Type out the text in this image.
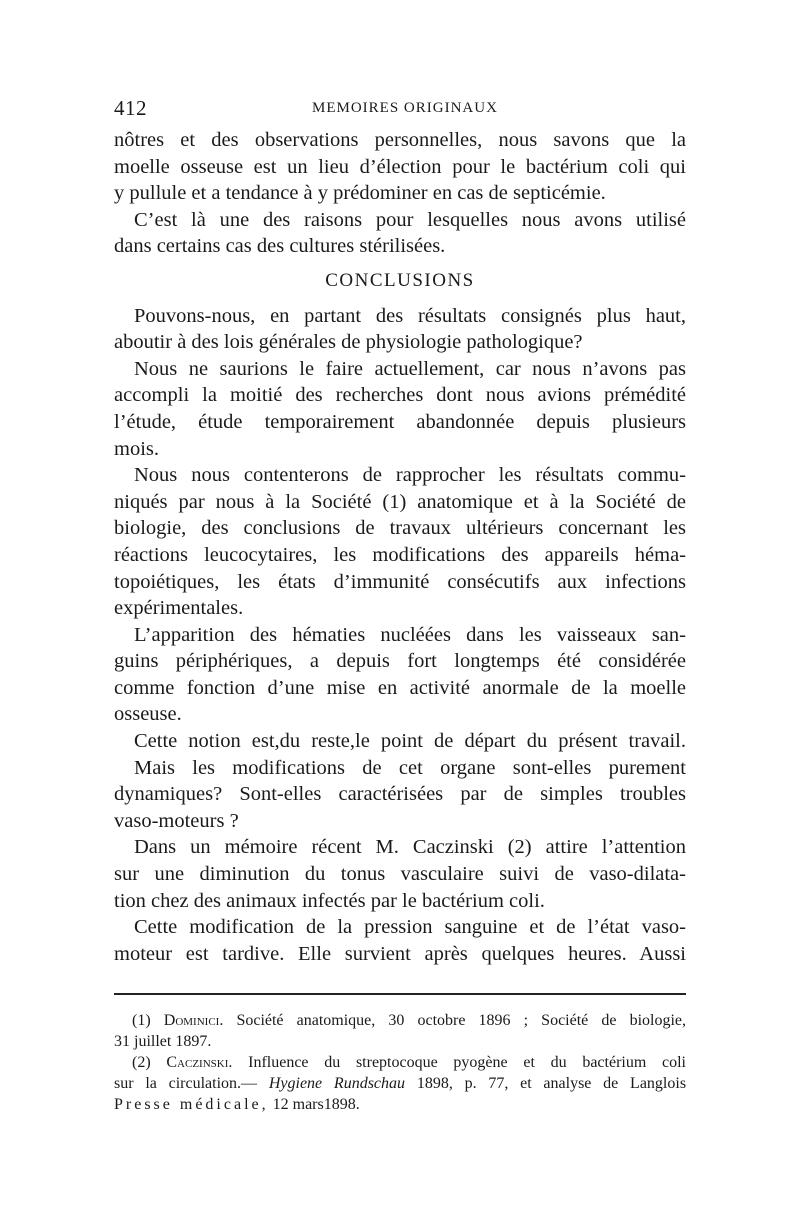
412	MEMOIRES ORIGINAUX
nôtres et des observations personnelles, nous savons que la
moelle osseuse est un lieu d’élection pour le bactérium coli qui
y pullule et a tendance à y prédominer en cas de septicémie.
C’est là une des raisons pour lesquelles nous avons utilisé
dans certains cas des cultures stérilisées.
CONCLUSIONS
Pouvons-nous, en partant des résultats consignés plus haut,
aboutir à des lois générales de physiologie pathologique?
Nous ne saurions le faire actuellement, car nous n’avons pas
accompli la moitié des recherches dont nous avions prémédité
l’étude, étude temporairement abandonnée depuis plusieurs
mois.
Nous nous contenterons de rapprocher les résultats commu-
niqués par nous à la Société (1) anatomique et à la Société de
biologie, des conclusions de travaux ultérieurs concernant les
réactions leucocytaires, les modifications des appareils héma-
topoiétiques, les états d’immunité consécutifs aux infections
expérimentales.
L’apparition des hématies nucléées dans les vaisseaux san-
guins périphériques, a depuis fort longtemps été considérée
comme fonction d’une mise en activité anormale de la moelle
osseuse.
Cette notion est,du reste,le point de départ du présent travail.
Mais les modifications de cet organe sont-elles purement
dynamiques? Sont-elles caractérisées par de simples troubles
vaso-moteurs ?
Dans un mémoire récent M. Caczinski (2) attire l’attention
sur une diminution du tonus vasculaire suivi de vaso-dilata-
tion chez des animaux infectés par le bactérium coli.
Cette modification de la pression sanguine et de l’état vaso-
moteur est tardive. Elle survient après quelques heures. Aussi
(1) Dominici. Société anatomique, 30 octobre 1896 ; Société de biologie,
31 juillet 1897.
(2) Caczinski. Influence du streptocoque pyogène et du bactérium coli
sur la circulation.— Hygiene Rundschau 1898, p. 77, et analyse de Langlois
Presse médicale, 12 mars1898.
